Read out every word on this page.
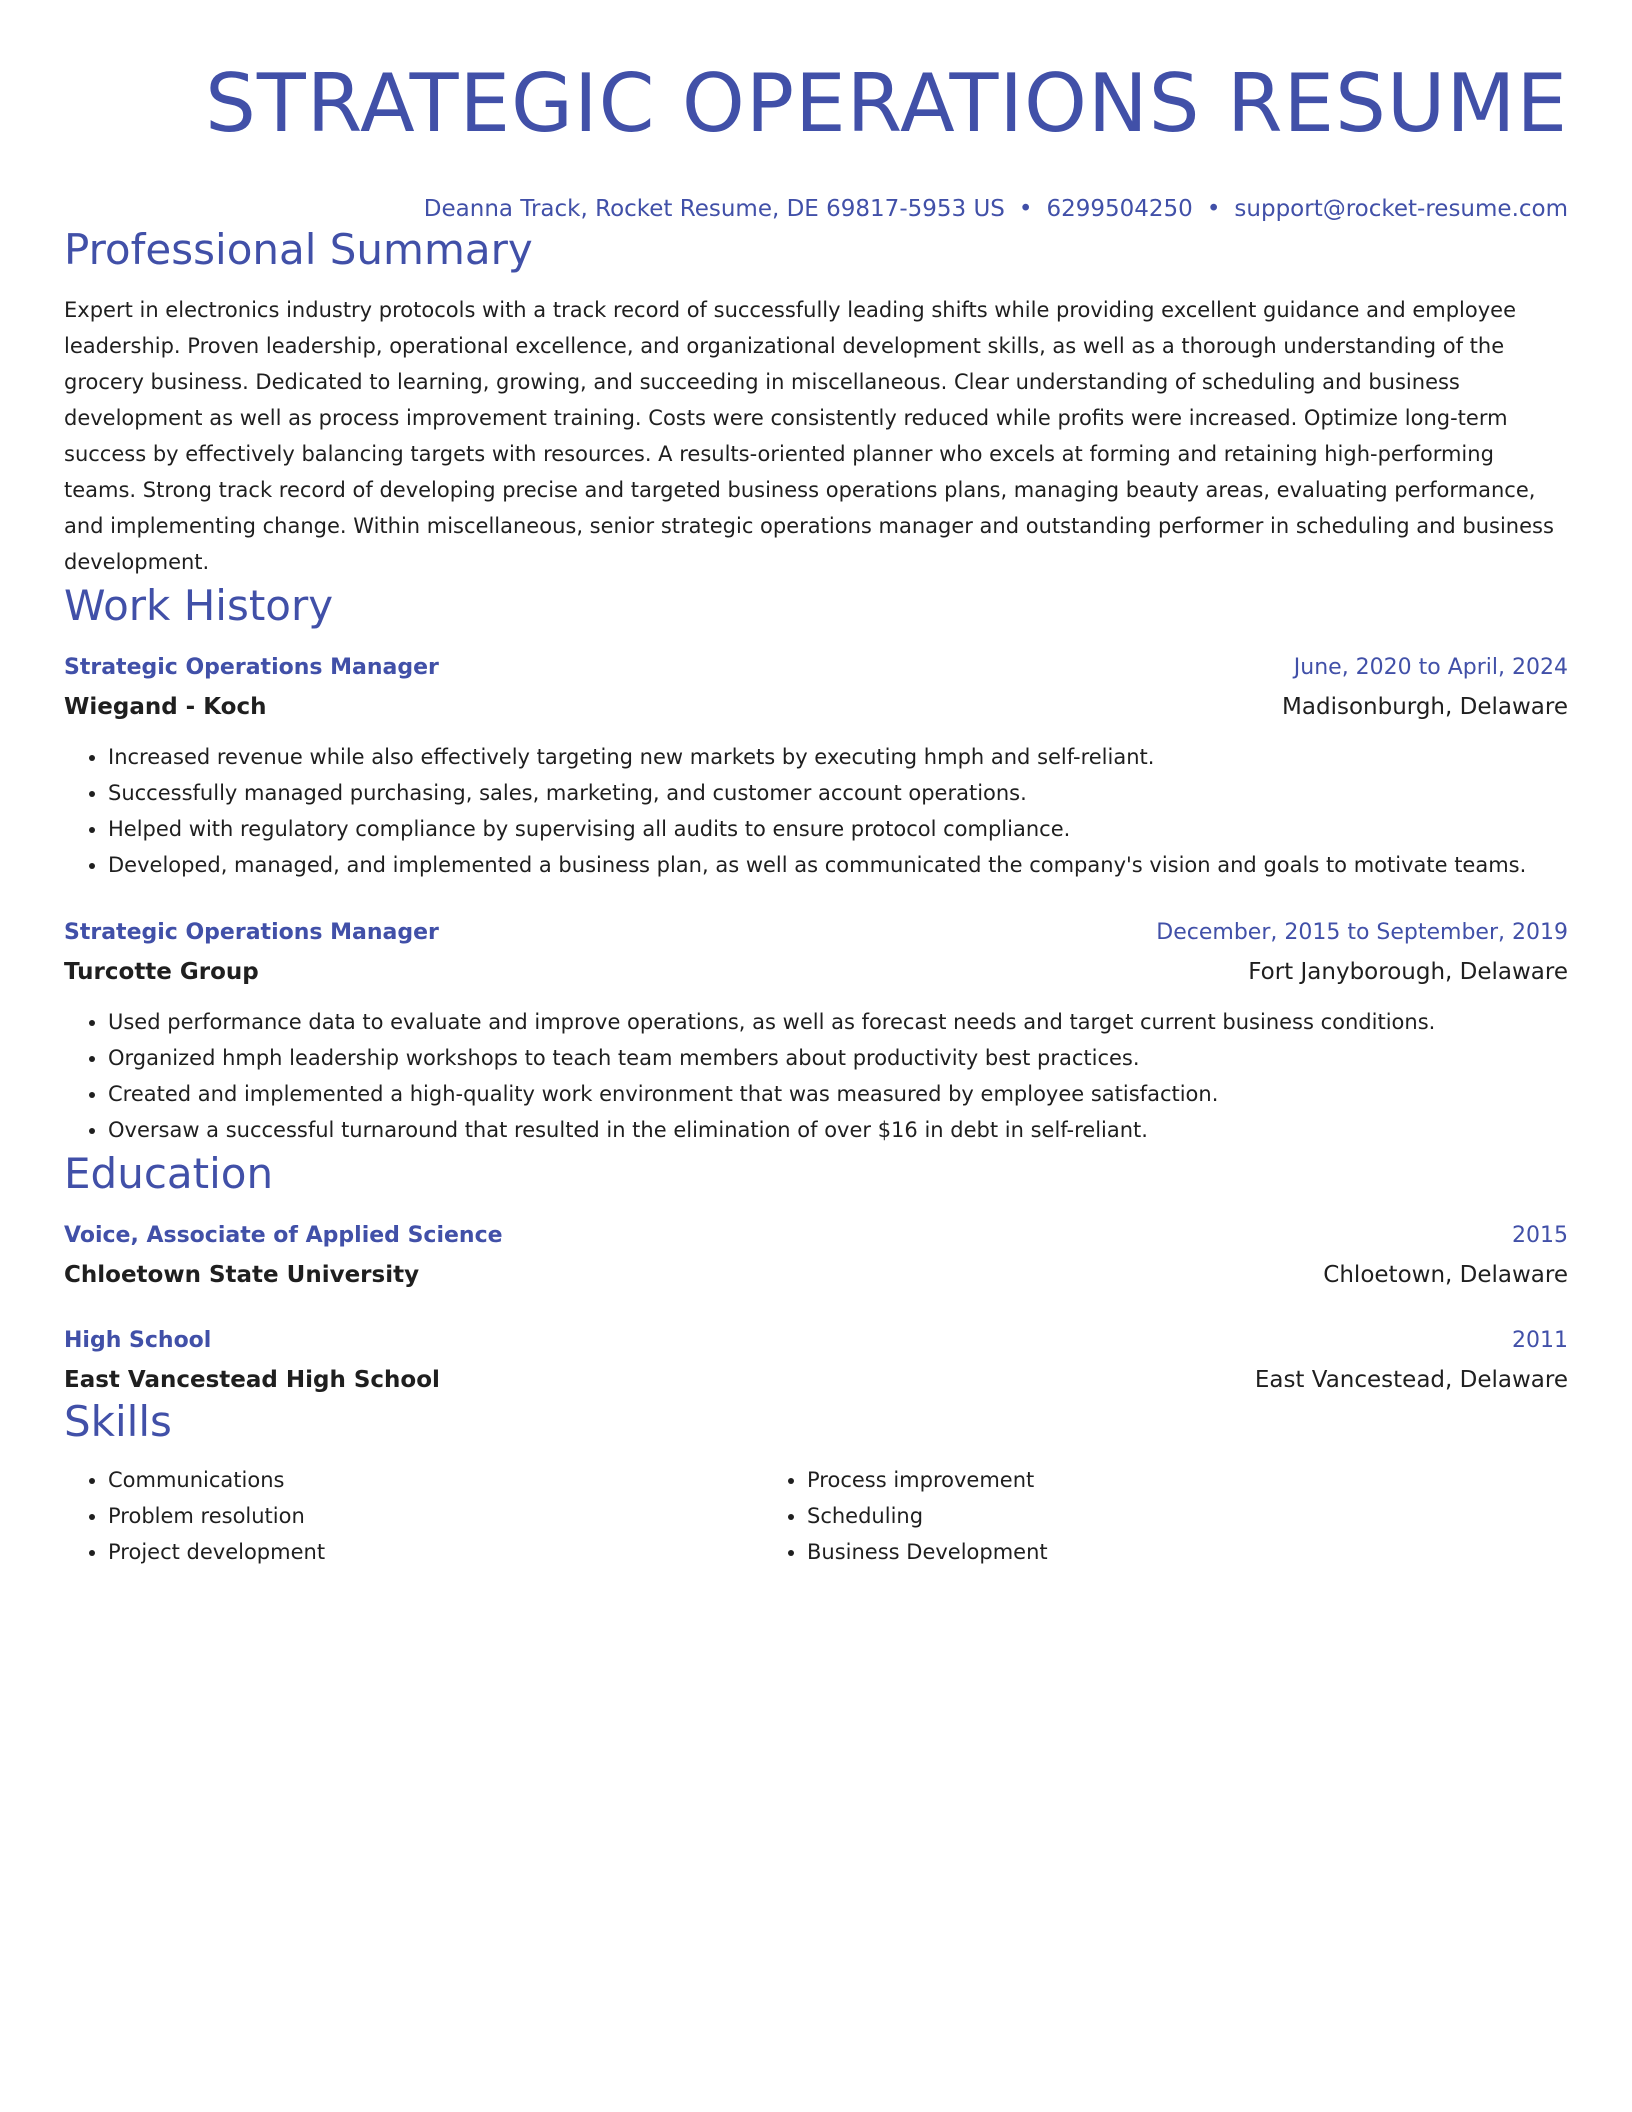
STRATEGIC OPERATIONS RESUME
Deanna Track, Rocket Resume, DE 69817-5953 US • 6299504250 • support@rocket-resume.com
Professional Summary

Expert in electronics industry protocols with a track record of successfully leading shifts while providing excellent guidance and employee leadership. Proven leadership, operational excellence, and organizational development skills, as well as a thorough understanding of the grocery business. Dedicated to learning, growing, and succeeding in miscellaneous. Clear understanding of scheduling and business development as well as process improvement training. Costs were consistently reduced while profits were increased. Optimize long-term success by effectively balancing targets with resources. A results-oriented planner who excels at forming and retaining high-performing teams. Strong track record of developing precise and targeted business operations plans, managing beauty areas, evaluating performance, and implementing change. Within miscellaneous, senior strategic operations manager and outstanding performer in scheduling and business development.

Work History
Strategic Operations Manager	June, 2020 to April, 2024
Wiegand - Koch	Madisonburgh, Delaware
• Increased revenue while also effectively targeting new markets by executing hmph and self-reliant.
• Successfully managed purchasing, sales, marketing, and customer account operations.
• Helped with regulatory compliance by supervising all audits to ensure protocol compliance.
• Developed, managed, and implemented a business plan, as well as communicated the company's vision and goals to motivate teams.
Strategic Operations Manager	December, 2015 to September, 2019
Turcotte Group	Fort Janyborough, Delaware
• Used performance data to evaluate and improve operations, as well as forecast needs and target current business conditions.
• Organized hmph leadership workshops to teach team members about productivity best practices.
• Created and implemented a high-quality work environment that was measured by employee satisfaction.
• Oversaw a successful turnaround that resulted in the elimination of over $16 in debt in self-reliant.
Education
Voice, Associate of Applied Science	2015
Chloetown State University	Chloetown, Delaware
High School	2011
East Vancestead High School	East Vancestead, Delaware
Skills
• Communications
• Problem resolution
• Project development
• Process improvement
• Scheduling
• Business Development
